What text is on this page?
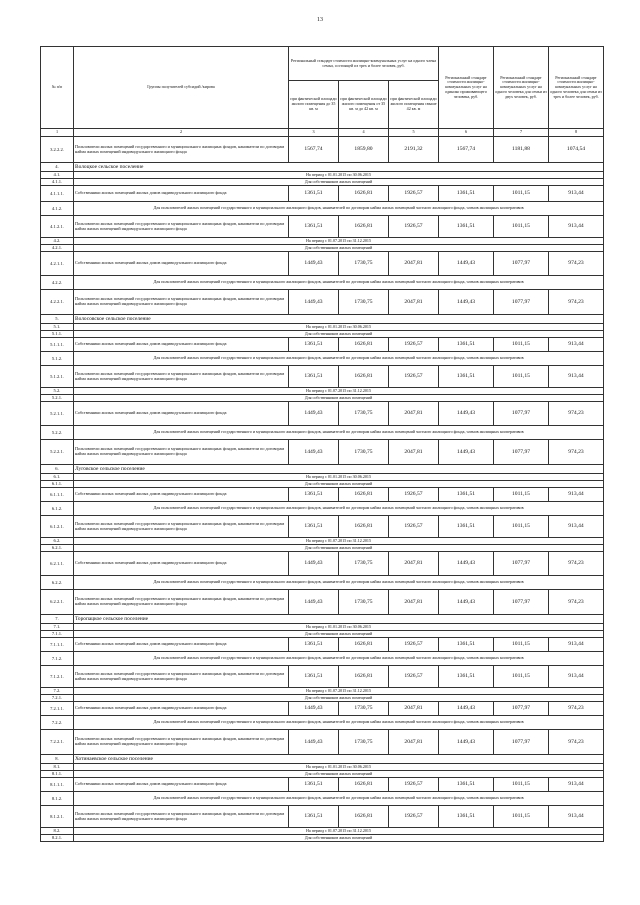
13
№ п/п	Группы получателей субсидий /кирова	Региональный стандарт стоимости жилищно-коммунальных услуг на одного члена семьи, состоящей из трех и более человек, руб.			Региональный стандарт стоимости жилищно-коммунальных услуг на одиноко проживающего человека, руб.	Региональный стандарт стоимости жилищно-коммунальных услуг на одного человека для семьи из двух человек, руб.	Региональный стандарт стоимости жилищно-коммунальных услуг на одного человека для семьи из трех и более человек, руб.
		при фактической площади жилого помещения до 35 кв. м	при фактической площади жилого помещения от 35 кв. м до 42 кв. м	при фактической площади жилого помещения свыше 42 кв. м			
1	2	3	4	5	6	7	8
3.2.2.2.	Пользователи жилых помещений государственного и муниципального жилищных фондов, наниматели по договорам найма жилых помещений индивидуального жилищного фонда	1567,74	1859,80	2191,32	1567,74	1181,88	1074,54
4.	Волоцкое сельское поселение						
4.1.	На период с 01.01.2015 по 30.06.2015						
4.1.1.	Для собственников жилых помещений						
4.1.1.1.	Собственники жилых помещений жилых домов индивидуального жилищного фонда	1361,51	1626,81	1926,57	1361,51	1011,15	913,44
4.1.2.	Для пользователей жилых помещений государственного и муниципального жилищного фондов, нанимателей по договорам найма жилых помещений частного жилищного фонда, членов жилищных кооперативов						
4.1.2.1.	Пользователи жилых помещений государственного и муниципального жилищных фондов, наниматели по договорам найма жилых помещений индивидуального жилищного фонда	1361,51	1626,81	1926,57	1361,51	1011,15	913,44
4.2.	На период с 01.07.2015 по 31.12.2015						
4.2.1.	Для собственников жилых помещений						
4.2.1.1.	Собственники жилых помещений жилых домов индивидуального жилищного фонда	1449,43	1730,75	2047,81	1449,43	1077,97	974,23
4.2.2.	Для пользователей жилых помещений государственного и муниципального жилищного фондов, нанимателей по договорам найма жилых помещений частного жилищного фонда, членов жилищных кооперативов						
4.2.2.1.	Пользователи жилых помещений государственного и муниципального жилищных фондов, наниматели по договорам найма жилых помещений индивидуального жилищного фонда	1449,43	1730,75	2047,81	1449,43	1077,97	974,23
5.	Волосовское сельское поселение						
5.1.	На период с 01.01.2015 по 30.06.2015						
5.1.1.	Для собственников жилых помещений						
5.1.1.1.	Собственники жилых помещений жилых домов индивидуального жилищного фонда	1361,51	1626,81	1926,57	1361,51	1011,15	913,44
5.1.2.	Для пользователей жилых помещений государственного и муниципального жилищного фондов, нанимателей по договорам найма жилых помещений частного жилищного фонда, членов жилищных кооперативов						
5.1.2.1.	Пользователи жилых помещений государственного и муниципального жилищных фондов, наниматели по договорам найма жилых помещений индивидуального жилищного фонда	1361,51	1626,81	1926,57	1361,51	1011,15	913,44
5.2.	На период с 01.07.2015 по 31.12.2015						
5.2.1.	Для собственников жилых помещений						
5.2.1.1.	Собственники жилых помещений жилых домов индивидуального жилищного фонда	1449,43	1730,75	2047,81	1449,43	1077,97	974,23
5.2.2.	Для пользователей жилых помещений государственного и муниципального жилищного фондов, нанимателей по договорам найма жилых помещений частного жилищного фонда, членов жилищных кооперативов						
5.2.2.1.	Пользователи жилых помещений государственного и муниципального жилищных фондов, наниматели по договорам найма жилых помещений индивидуального жилищного фонда	1449,43	1730,75	2047,81	1449,43	1077,97	974,23
6.	Луговское сельское поселение						
6.1.	На период с 01.01.2015 по 30.06.2015						
6.1.1.	Для собственников жилых помещений						
6.1.1.1.	Собственники жилых помещений жилых домов индивидуального жилищного фонда	1361,51	1626,81	1926,57	1361,51	1011,15	913,44
6.1.2.	Для пользователей жилых помещений государственного и муниципального жилищного фондов, нанимателей по договорам найма жилых помещений частного жилищного фонда, членов жилищных кооперативов						
6.1.2.1.	Пользователи жилых помещений государственного и муниципального жилищных фондов, наниматели по договорам найма жилых помещений индивидуального жилищного фонда	1361,51	1626,81	1926,57	1361,51	1011,15	913,44
6.2.	На период с 01.07.2015 по 31.12.2015						
6.2.1.	Для собственников жилых помещений						
6.2.1.1.	Собственники жилых помещений жилых домов индивидуального жилищного фонда	1449,43	1730,75	2047,81	1449,43	1077,97	974,23
6.2.2.	Для пользователей жилых помещений государственного и муниципального жилищного фондов, нанимателей по договорам найма жилых помещений частного жилищного фонда, членов жилищных кооперативов						
6.2.2.1.	Пользователи жилых помещений государственного и муниципального жилищных фондов, наниматели по договорам найма жилых помещений индивидуального жилищного фонда	1449,43	1730,75	2047,81	1449,43	1077,97	974,23
7.	Торопацкое сельское поселение						
7.1.	На период с 01.01.2015 по 30.06.2015						
7.1.1.	Для собственников жилых помещений						
7.1.1.1.	Собственники жилых помещений жилых домов индивидуального жилищного фонда	1361,51	1626,81	1926,57	1361,51	1011,15	913,44
7.1.2.	Для пользователей жилых помещений государственного и муниципального жилищного фондов, нанимателей по договорам найма жилых помещений частного жилищного фонда, членов жилищных кооперативов						
7.1.2.1.	Пользователи жилых помещений государственного и муниципального жилищных фондов, наниматели по договорам найма жилых помещений индивидуального жилищного фонда	1361,51	1626,81	1926,57	1361,51	1011,15	913,44
7.2.	На период с 01.07.2015 по 31.12.2015						
7.2.1.	Для собственников жилых помещений						
7.2.1.1.	Собственники жилых помещений жилых домов индивидуального жилищного фонда	1449,43	1730,75	2047,81	1449,43	1077,97	974,23
7.2.2.	Для пользователей жилых помещений государственного и муниципального жилищного фондов, нанимателей по договорам найма жилых помещений частного жилищного фонда, членов жилищных кооперативов						
7.2.2.1.	Пользователи жилых помещений государственного и муниципального жилищных фондов, наниматели по договорам найма жилых помещений индивидуального жилищного фонда	1449,43	1730,75	2047,81	1449,43	1077,97	974,23
8.	Хотинаевское сельское поселение						
8.1.	На период с 01.01.2015 по 30.06.2015						
8.1.1.	Для собственников жилых помещений						
8.1.1.1.	Собственники жилых помещений жилых домов индивидуального жилищного фонда	1361,51	1626,81	1926,57	1361,51	1011,15	913,44
8.1.2.	Для пользователей жилых помещений государственного и муниципального жилищного фондов, нанимателей по договорам найма жилых помещений частного жилищного фонда, членов жилищных кооперативов						
8.1.2.1.	Пользователи жилых помещений государственного и муниципального жилищных фондов, наниматели по договорам найма жилых помещений индивидуального жилищного фонда	1361,51	1626,81	1926,57	1361,51	1011,15	913,44
8.2.	На период с 01.07.2015 по 31.12.2015						
8.2.1.	Для собственников жилых помещений						
